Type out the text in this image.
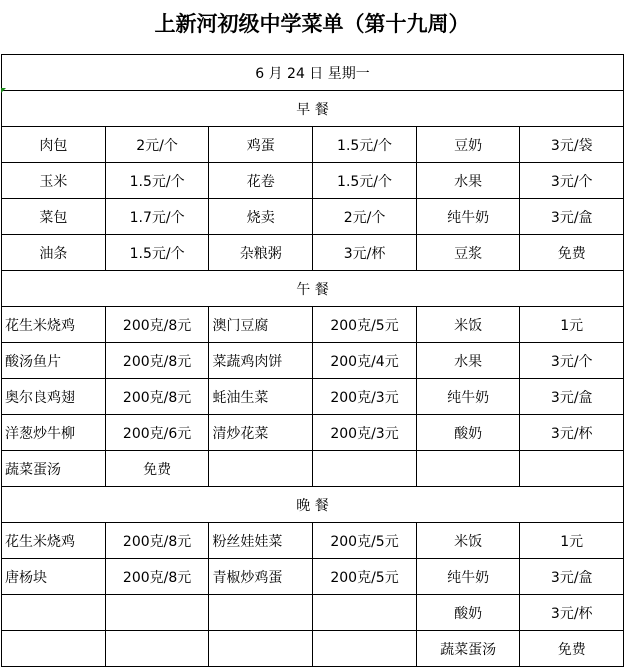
上新河初级中学菜单（第十九周）
6 月 24 日 星期一					
早 餐					
肉包	2元/个	鸡蛋	1.5元/个	豆奶	3元/袋
玉米	1.5元/个	花卷	1.5元/个	水果	3元/个
菜包	1.7元/个	烧卖	2元/个	纯牛奶	3元/盒
油条	1.5元/个	杂粮粥	3元/杯	豆浆	免费
午 餐					
花生米烧鸡	200克/8元	澳门豆腐	200克/5元	米饭	1元
酸汤鱼片	200克/8元	菜蔬鸡肉饼	200克/4元	水果	3元/个
奥尔良鸡翅	200克/8元	蚝油生菜	200克/3元	纯牛奶	3元/盒
洋葱炒牛柳	200克/6元	清炒花菜	200克/3元	酸奶	3元/杯
蔬菜蛋汤	免费				
晚 餐					
花生米烧鸡	200克/8元	粉丝娃娃菜	200克/5元	米饭	1元
唐杨块	200克/8元	青椒炒鸡蛋	200克/5元	纯牛奶	3元/盒
				酸奶	3元/杯
				蔬菜蛋汤	免费
